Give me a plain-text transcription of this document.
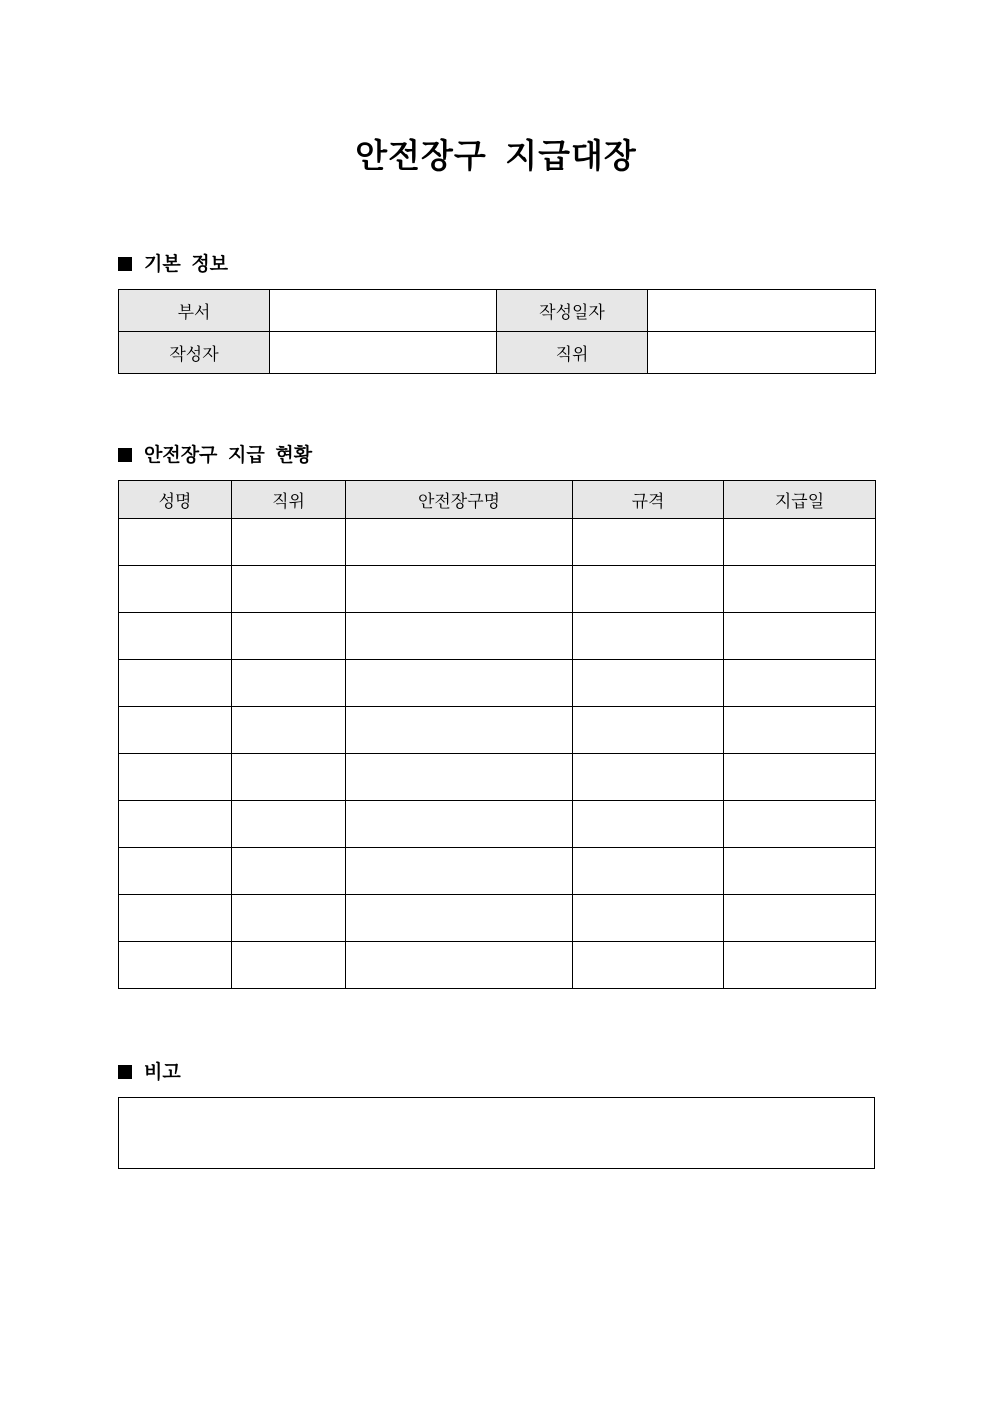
안전장구 지급대장
기본 정보
부서		작성일자	
작성자		직위	
안전장구 지급 현황
성명	직위	안전장구명	규격	지급일

비고
